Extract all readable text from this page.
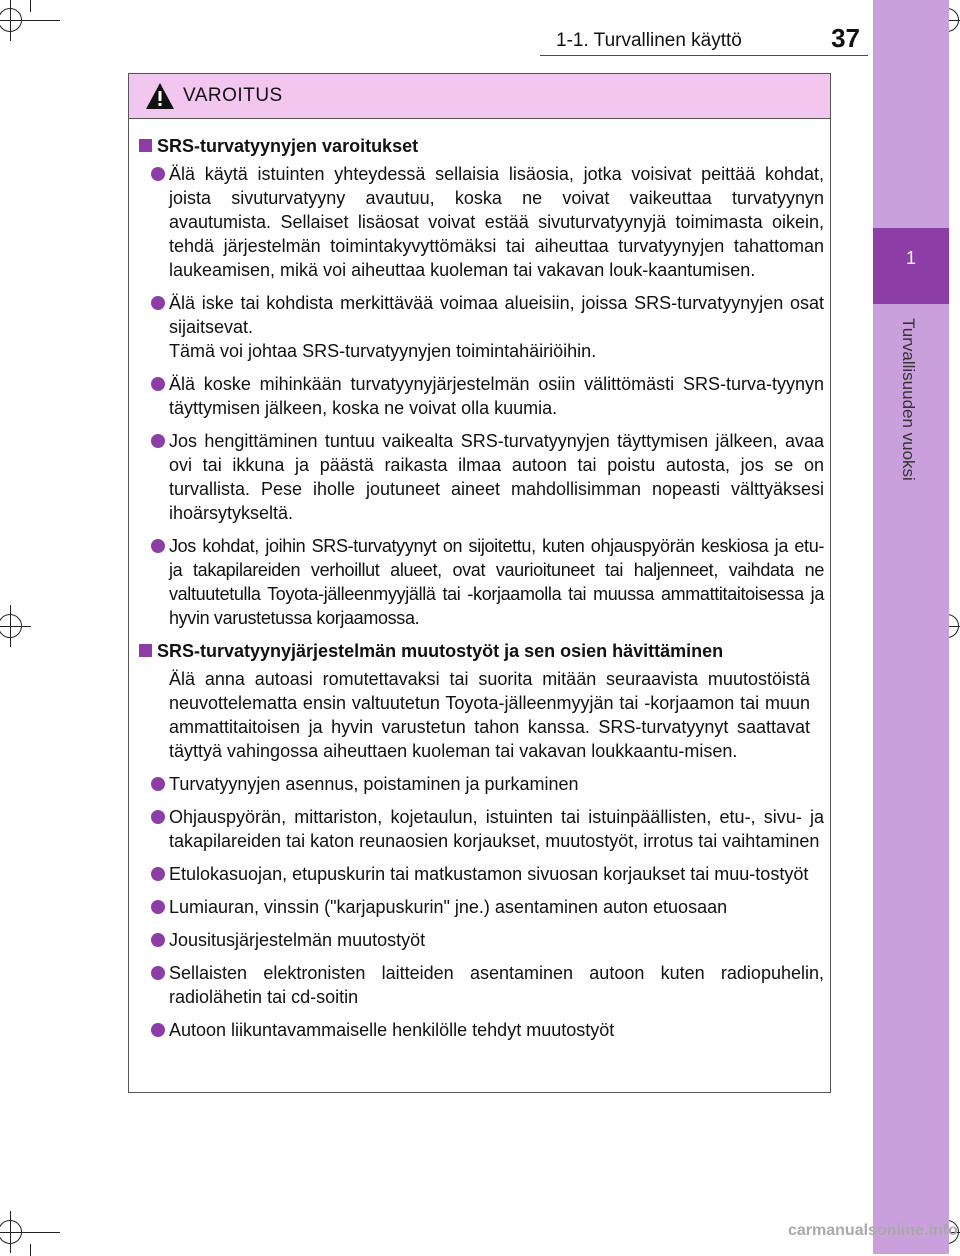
1
Turvallisuuden vuoksi
1-1. Turvallinen käyttö	37
VAROITUS
SRS-turvatyynyjen varoitukset
Älä käytä istuinten yhteydessä sellaisia lisäosia, jotka voisivat peittää kohdat, joista sivuturvatyyny avautuu, koska ne voivat vaikeuttaa turvatyynyn avautumista. Sellaiset lisäosat voivat estää sivuturvatyynyjä toimimasta oikein, tehdä järjestelmän toimintakyvyttömäksi tai aiheuttaa turvatyynyjen tahattoman laukeamisen, mikä voi aiheuttaa kuoleman tai vakavan louk-kaantumisen.
Älä iske tai kohdista merkittävää voimaa alueisiin, joissa SRS-turvatyynyjen osat sijaitsevat.
Tämä voi johtaa SRS-turvatyynyjen toimintahäiriöihin.
Älä koske mihinkään turvatyynyjärjestelmän osiin välittömästi SRS-turva-tyynyn täyttymisen jälkeen, koska ne voivat olla kuumia.
Jos hengittäminen tuntuu vaikealta SRS-turvatyynyjen täyttymisen jälkeen, avaa ovi tai ikkuna ja päästä raikasta ilmaa autoon tai poistu autosta, jos se on turvallista. Pese iholle joutuneet aineet mahdollisimman nopeasti välttyäksesi ihoärsytykseltä.
Jos kohdat, joihin SRS-turvatyynyt on sijoitettu, kuten ohjauspyörän keskiosa ja etu- ja takapilareiden verhoillut alueet, ovat vaurioituneet tai haljenneet, vaihdata ne valtuutetulla Toyota-jälleenmyyjällä tai -korjaamolla tai muussa ammattitaitoisessa ja hyvin varustetussa korjaamossa.
SRS-turvatyynyjärjestelmän muutostyöt ja sen osien hävittäminen
Älä anna autoasi romutettavaksi tai suorita mitään seuraavista muutostöistä neuvottelematta ensin valtuutetun Toyota-jälleenmyyjän tai -korjaamon tai muun ammattitaitoisen ja hyvin varustetun tahon kanssa. SRS-turvatyynyt saattavat täyttyä vahingossa aiheuttaen kuoleman tai vakavan loukkaantu-misen.
Turvatyynyjen asennus, poistaminen ja purkaminen
Ohjauspyörän, mittariston, kojetaulun, istuinten tai istuinpäällisten, etu-, sivu- ja takapilareiden tai katon reunaosien korjaukset, muutostyöt, irrotus tai vaihtaminen
Etulokasuojan, etupuskurin tai matkustamon sivuosan korjaukset tai muu-tostyöt
Lumiauran, vinssin ("karjapuskurin" jne.) asentaminen auton etuosaan
Jousitusjärjestelmän muutostyöt
Sellaisten elektronisten laitteiden asentaminen autoon kuten radiopuhelin, radiolähetin tai cd-soitin
Autoon liikuntavammaiselle henkilölle tehdyt muutostyöt
carmanualsonline.info
